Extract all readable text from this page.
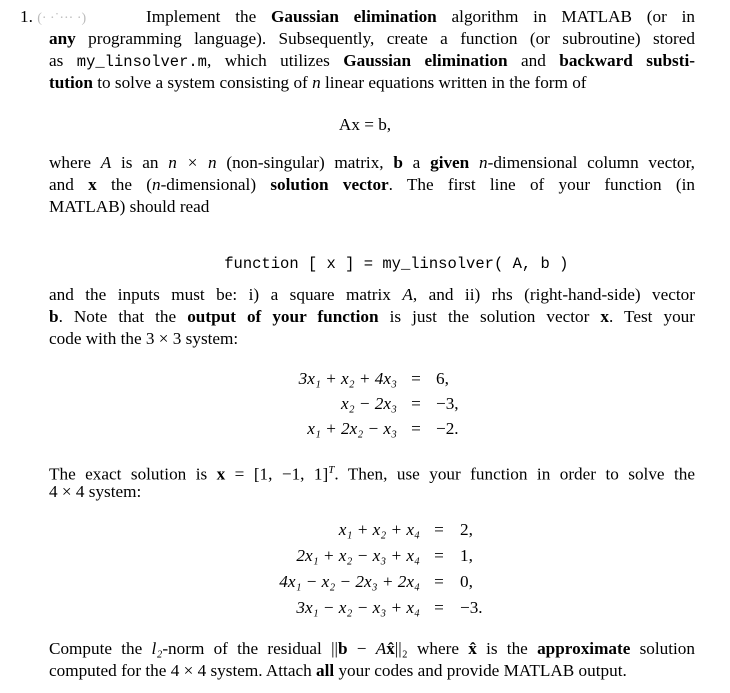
1. (· ·˙··· ·)	Implement the Gaussian elimination algorithm in MATLAB (or in
any programming language). Subsequently, create a function (or subroutine) stored
as my_linsolver.m, which utilizes Gaussian elimination and backward substi-
tution to solve a system consisting of n linear equations written in the form of
Ax = b,
where A is an n × n (non-singular) matrix, b a given n-dimensional column vector,
and x the (n-dimensional) solution vector. The first line of your function (in
MATLAB) should read

function [ x ] = my_linsolver( A, b )

and the inputs must be: i) a square matrix A, and ii) rhs (right-hand-side) vector
b. Note that the output of your function is just the solution vector x. Test your
code with the 3 × 3 system:
3x₁ + x₂ + 4x₃ = 6,
x₂ − 2x₃ = −3,
x₁ + 2x₂ − x₃ = −2.
The exact solution is x = [1, −1, 1]$^T$. Then, use your function in order to solve the
4 × 4 system:
x₁ + x₂ + x₄ = 2,
2x₁ + x₂ − x₃ + x₄ = 1,
4x₁ − x₂ − 2x₃ + 2x₄ = 0,
3x₁ − x₂ − x₃ + x₄ = −3.
Compute the l₂-norm of the residual ||b − Ax̂||₂ where x̂ is the approximate solution
computed for the 4 × 4 system. Attach all your codes and provide MATLAB output.
